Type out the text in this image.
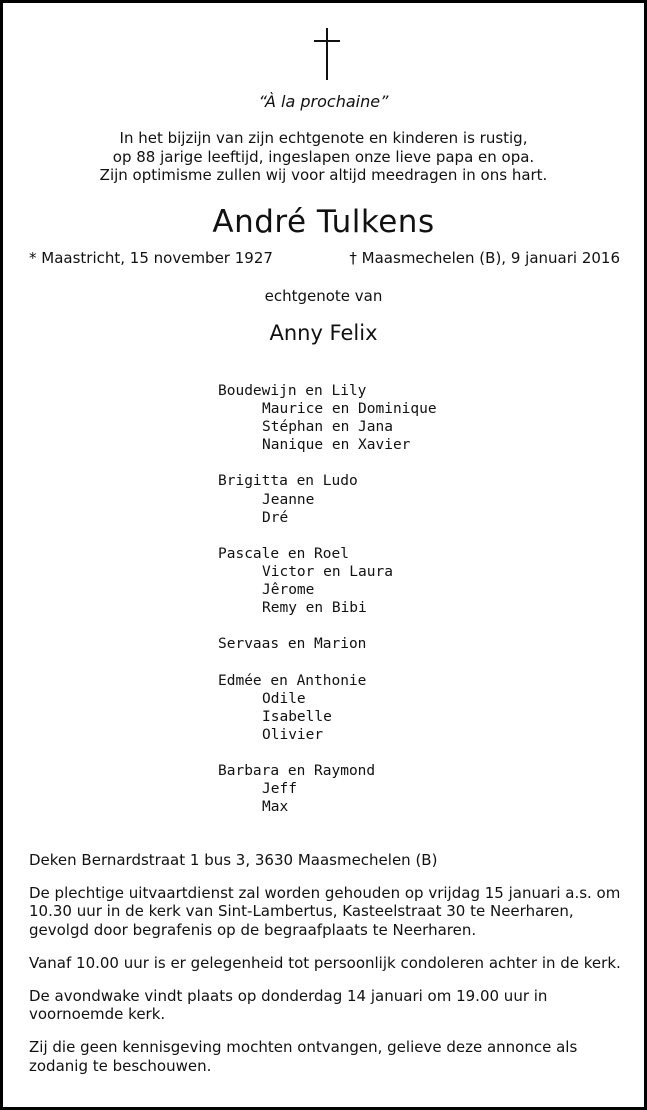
“À la prochaine”
In het bijzijn van zijn echtgenote en kinderen is rustig,
op 88 jarige leeftijd, ingeslapen onze lieve papa en opa.
Zijn optimisme zullen wij voor altijd meedragen in ons hart.
André Tulkens
* Maastricht, 15 november 1927	† Maasmechelen (B), 9 januari 2016
echtgenote van
Anny Felix
Boudewijn en Lily
Maurice en Dominique
Stéphan en Jana
Nanique en Xavier
Brigitta en Ludo
Jeanne
Dré
Pascale en Roel
Victor en Laura
Jêrome
Remy en Bibi
Servaas en Marion
Edmée en Anthonie
Odile
Isabelle
Olivier
Barbara en Raymond
Jeff
Max

Deken Bernardstraat 1 bus 3, 3630 Maasmechelen (B)

De plechtige uitvaartdienst zal worden gehouden op vrijdag 15 januari a.s. om 10.30 uur in de kerk van Sint-Lambertus, Kasteelstraat 30 te Neerharen, gevolgd door begrafenis op de begraafplaats te Neerharen.

Vanaf 10.00 uur is er gelegenheid tot persoonlijk condoleren achter in de kerk.

De avondwake vindt plaats op donderdag 14 januari om 19.00 uur in voornoemde kerk.

Zij die geen kennisgeving mochten ontvangen, gelieve deze annonce als zodanig te beschouwen.
